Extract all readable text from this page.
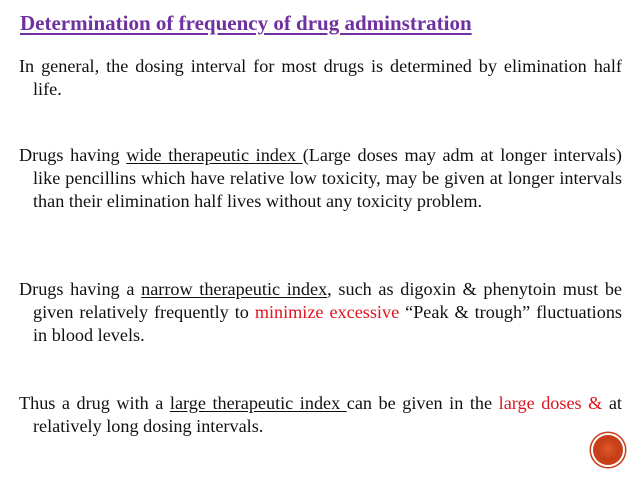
Determination of frequency of drug adminstration

In general, the dosing interval for most drugs is determined by elimination half life.

Drugs having wide therapeutic index (Large doses may adm at longer intervals) like pencillins which have relative low toxicity, may be given at longer intervals than their elimination half lives without any toxicity problem.

Drugs having a narrow therapeutic index, such as digoxin & phenytoin must be given relatively frequently to minimize excessive “Peak & trough” fluctuations in blood levels.

Thus a drug with a large therapeutic index can be given in the large doses & at relatively long dosing intervals.
